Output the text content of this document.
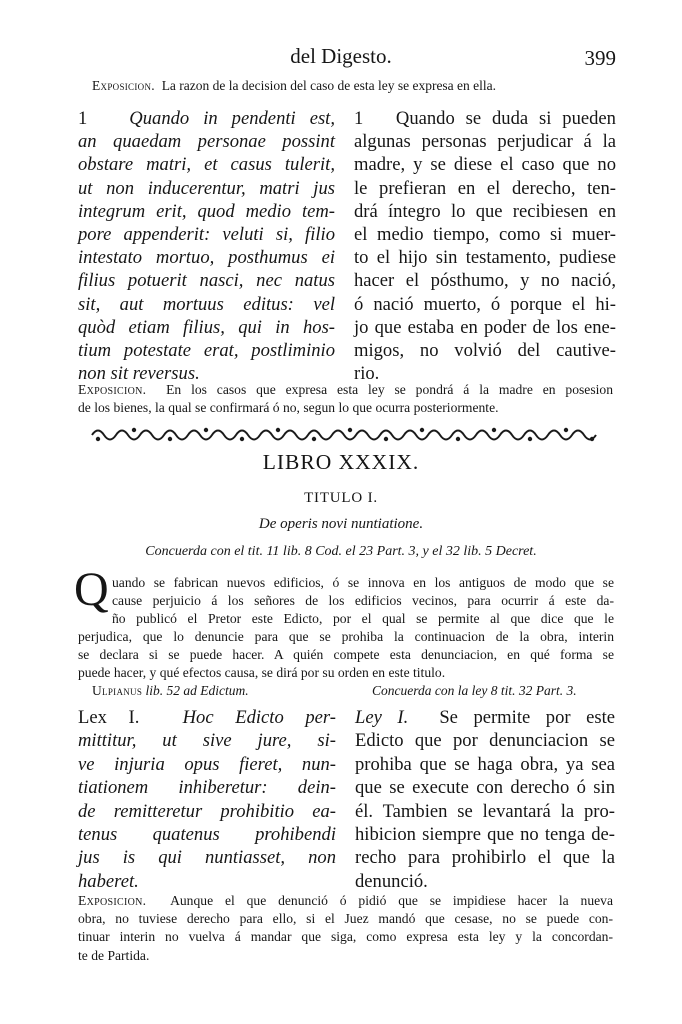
del Digesto.	399
Exposicion. La razon de la decision del caso de esta ley se expresa en ella.
1 Quando in pendenti est,
an quaedam personae possint
obstare matri, et casus tulerit,
ut non inducerentur, matri jus
integrum erit, quod medio tem-
pore appenderit: veluti si, filio
intestato mortuo, posthumus ei
filius potuerit nasci, nec natus
sit, aut mortuus editus: vel
quòd etiam filius, qui in hos-
tium potestate erat, postliminio
non sit reversus.
1 Quando se duda si pueden
algunas personas perjudicar á la
madre, y se diese el caso que no
le prefieran en el derecho, ten-
drá íntegro lo que recibiesen en
el medio tiempo, como si muer-
to el hijo sin testamento, pudiese
hacer el pósthumo, y no nació,
ó nació muerto, ó porque el hi-
jo que estaba en poder de los ene-
migos, no volvió del cautive-
rio.
Exposicion. En los casos que expresa esta ley se pondrá á la madre en posesion
de los bienes, la qual se confirmará ó no, segun lo que ocurra posteriormente.
LIBRO XXXIX.
TITULO I.
De operis novi nuntiatione.
Concuerda con el tit. 11 lib. 8 Cod. el 23 Part. 3, y el 32 lib. 5 Decret.
Q uando se fabrican nuevos edificios, ó se innova en los antiguos de modo que se
cause perjuicio á los señores de los edificios vecinos, para ocurrir á este da-
ño publicó el Pretor este Edicto, por el qual se permite al que dice que le
perjudica, que lo denuncie para que se prohiba la continuacion de la obra, interin
se declara si se puede hacer. A quién compete esta denunciacion, en qué forma se
puede hacer, y qué efectos causa, se dirá por su orden en este titulo.
Ulpianus lib. 52 ad Edictum.	Concuerda con la ley 8 tit. 32 Part. 3.
Lex I. Hoc Edicto per-
mittitur, ut sive jure, si-
ve injuria opus fieret, nun-
tiationem inhiberetur: dein-
de remitteretur prohibitio ea-
tenus quatenus prohibendi
jus is qui nuntiasset, non
haberet.
Ley I. Se permite por este
Edicto que por denunciacion se
prohiba que se haga obra, ya sea
que se execute con derecho ó sin
él. Tambien se levantará la pro-
hibicion siempre que no tenga de-
recho para prohibirlo el que la
denunció.
Exposicion. Aunque el que denunció ó pidió que se impidiese hacer la nueva
obra, no tuviese derecho para ello, si el Juez mandó que cesase, no se puede con-
tinuar interin no vuelva á mandar que siga, como expresa esta ley y la concordan-
te de Partida.
